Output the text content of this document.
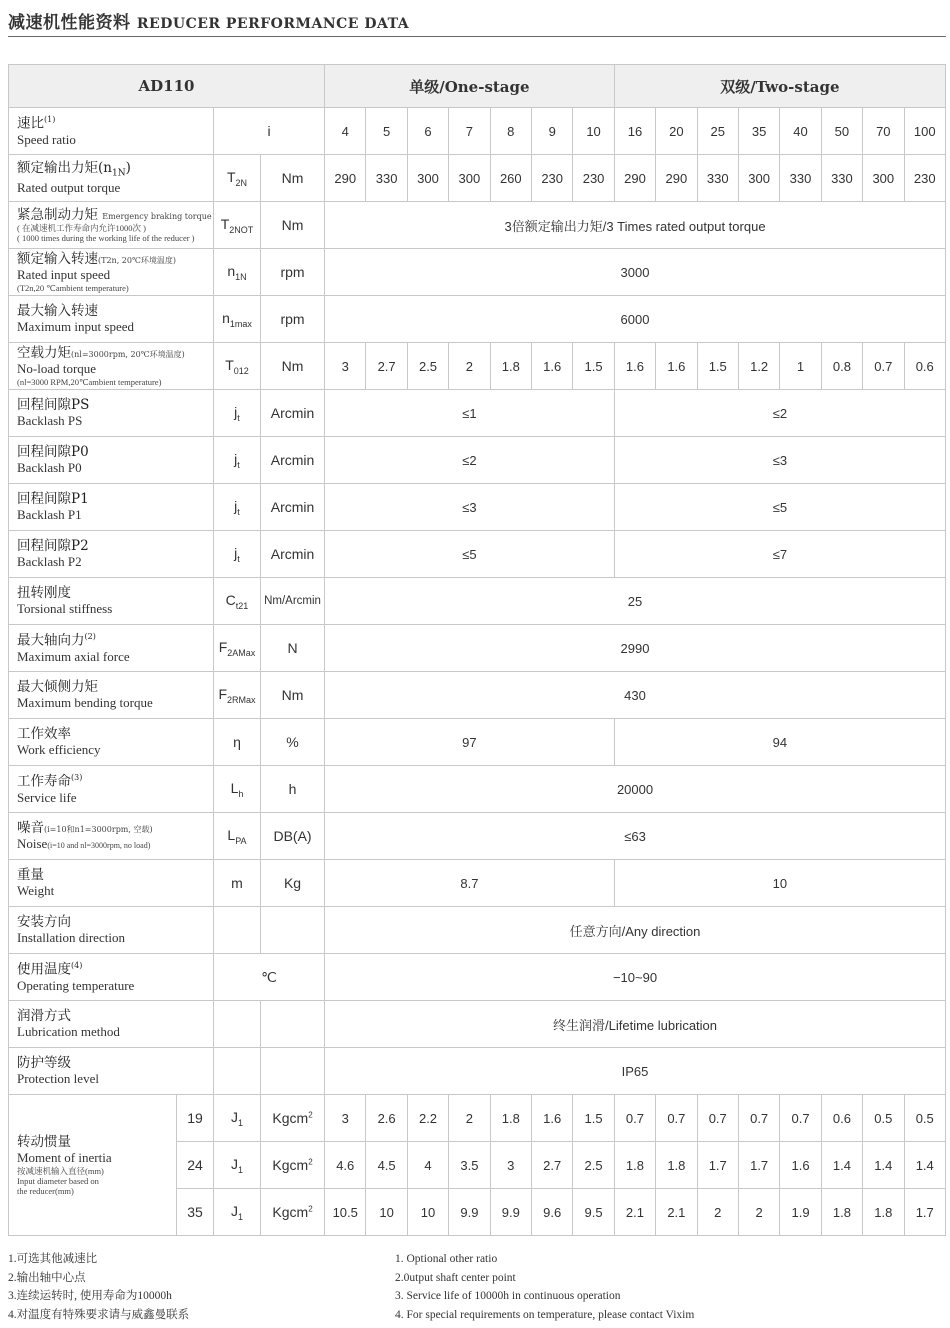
减速机性能资料 REDUCER PERFORMANCE DATA
AD110				单级/One-stage							双级/Two-stage							

速比$^{(1)}$
Speed ratio		i		4	5	6	7	8	9	10	16	20	25	35	40	50	70	100

额定输出力矩$(n_{1N})$
Rated output torque		$T_{2N}$	Nm	290	330	300	300	260	230	230	290	290	330	300	330	330	300	230

紧急制动力矩 Emergency braking torque
( 在减速机工作寿命内允许1000次 )
( 1000 times during the working life of the reducer )		$T_{2NOT}$	Nm	3倍额定输出力矩/3 Times rated output torque														

额定输入转速(T2n, 20℃环境温度)
Rated input speed
(T2n,20 ℃ambient temperature)		$n_{1N}$	rpm	3000														

最大输入转速
Maximum input speed		$n_{1max}$	rpm	6000														

空载力矩(nl=3000rpm, 20℃环境温度)
No-load torque
(nl=3000 RPM,20℃ambient temperature)		$T_{012}$	Nm	3	2.7	2.5	2	1.8	1.6	1.5	1.6	1.6	1.5	1.2	1	0.8	0.7	0.6

回程间隙PS
Backlash PS		$j_t$	Arcmin	≤1							≤2							

回程间隙P0
Backlash P0		$j_t$	Arcmin	≤2							≤3							

回程间隙P1
Backlash P1		$j_t$	Arcmin	≤3							≤5							

回程间隙P2
Backlash P2		$j_t$	Arcmin	≤5							≤7							

扭转刚度
Torsional stiffness		$C_{t21}$	Nm/Arcmin	25														

最大轴向力$^{(2)}$
Maximum axial force		$F_{2AMax}$	N	2990														

最大倾侧力矩
Maximum bending torque		$F_{2RMax}$	Nm	430														

工作效率
Work efficiency		η	%	97							94							

工作寿命$^{(3)}$
Service life		$L_h$	h	20000														

噪音(i=10和n1=3000rpm, 空载)
Noise(i=10 and nl=3000rpm, no load)		$L_{PA}$	DB(A)	≤63														

重量
Weight		m	Kg	8.7							10							

安装方向
Installation direction				任意方向/Any direction														

使用温度$^{(4)}$
Operating temperature		℃		−10~90														

润滑方式
Lubrication method				终生润滑/Lifetime lubrication														

防护等级
Protection level				IP65														

转动惯量
Moment of inertia
按减速机输入直径(mm)
Input diameter based on
the reducer(mm)	19	$J_1$	Kgcm$^2$	3	2.6	2.2	2	1.8	1.6	1.5	0.7	0.7	0.7	0.7	0.7	0.6	0.5	0.5
	24	$J_1$	Kgcm$^2$	4.6	4.5	4	3.5	3	2.7	2.5	1.8	1.8	1.7	1.7	1.6	1.4	1.4	1.4
	35	$J_1$	Kgcm$^2$	10.5	10	10	9.9	9.9	9.6	9.5	2.1	2.1	2	2	1.9	1.8	1.8	1.7
1.可选其他减速比
2.输出轴中心点
3.连续运转时, 使用寿命为10000h
4.对温度有特殊要求请与威鑫曼联系
1. Optional other ratio
2.0utput shaft center point
3. Service life of 10000h in continuous operation
4. For special requirements on temperature, please contact Vixim
